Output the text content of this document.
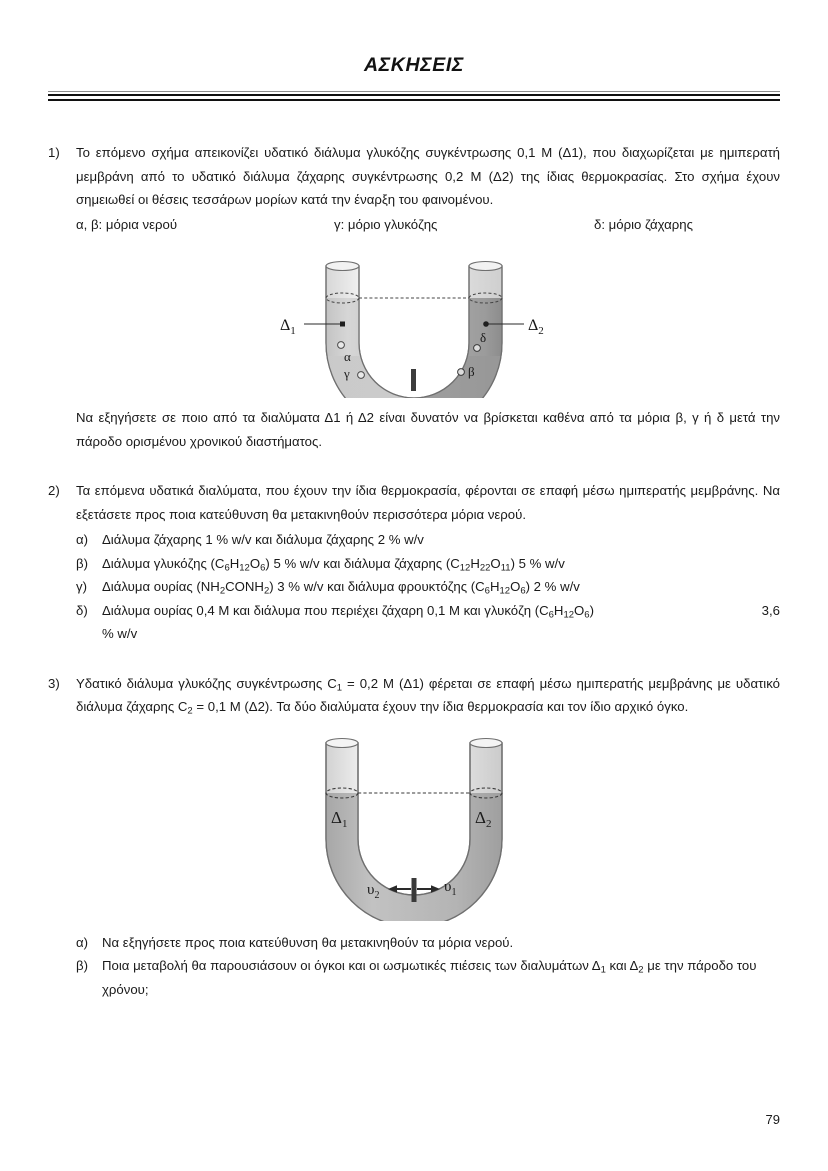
ΑΣΚΗΣΕΙΣ
1)	Το επόμενο σχήμα απεικονίζει υδατικό διάλυμα γλυκόζης συγκέντρωσης 0,1 Μ (Δ1), που διαχωρίζεται με ημιπερατή μεμβράνη από το υδατικό διάλυμα ζάχαρης συγκέντρωσης 0,2 Μ (Δ2) της ίδιας θερμοκρασίας. Στο σχήμα έχουν σημειωθεί οι θέσεις τεσσάρων μορίων κατά την έναρξη του φαινομένου.
α, β: μόρια νερού	γ: μόριο γλυκόζης	δ: μόριο ζάχαρης
$\Delta_1$	$\Delta_2$
α
γ	β
δ
Να εξηγήσετε σε ποιο από τα διαλύματα Δ1 ή Δ2 είναι δυνατόν να βρίσκεται καθένα από τα μόρια β, γ ή δ μετά την πάροδο ορισμένου χρονικού διαστήματος.
2)	Τα επόμενα υδατικά διαλύματα, που έχουν την ίδια θερμοκρασία, φέρονται σε επαφή μέσω ημιπερατής μεμβράνης. Να εξετάσετε προς ποια κατεύθυνση θα μετακινηθούν περισσότερα μόρια νερού.
α)	Διάλυμα ζάχαρης 1 % w/v και διάλυμα ζάχαρης 2 % w/v
β)	Διάλυμα γλυκόζης $(C_6H_{12}O_6)$ 5 % w/v και διάλυμα ζάχαρης $(C_{12}H_{22}O_{11})$ 5 % w/v
γ)	Διάλυμα ουρίας $(NH_2CONH_2)$ 3 % w/v και διάλυμα φρουκτόζης $(C_6H_{12}O_6)$ 2 % w/v
δ)	3,6
Διάλυμα ουρίας 0,4 Μ και διάλυμα που περιέχει ζάχαρη 0,1 Μ και γλυκόζη $(C_6H_{12}O_6)$
% w/v
3)	Υδατικό διάλυμα γλυκόζης συγκέντρωσης $C_1 = 0,2$ Μ (Δ1) φέρεται σε επαφή μέσω ημιπερατής μεμβράνης με υδατικό διάλυμα ζάχαρης $C_2 = 0,1$ Μ (Δ2). Τα δύο διαλύματα έχουν την ίδια θερμοκρασία και τον ίδιο αρχικό όγκο.
$\Delta_1$	$\Delta_2$
$\upsilon_2$
$\upsilon_1$
α)	Να εξηγήσετε προς ποια κατεύθυνση θα μετακινηθούν τα μόρια νερού.
β)	Ποια μεταβολή θα παρουσιάσουν οι όγκοι και οι ωσμωτικές πιέσεις των διαλυμάτων $\Delta_1$ και $\Delta_2$ με την πάροδο του χρόνου;
79
